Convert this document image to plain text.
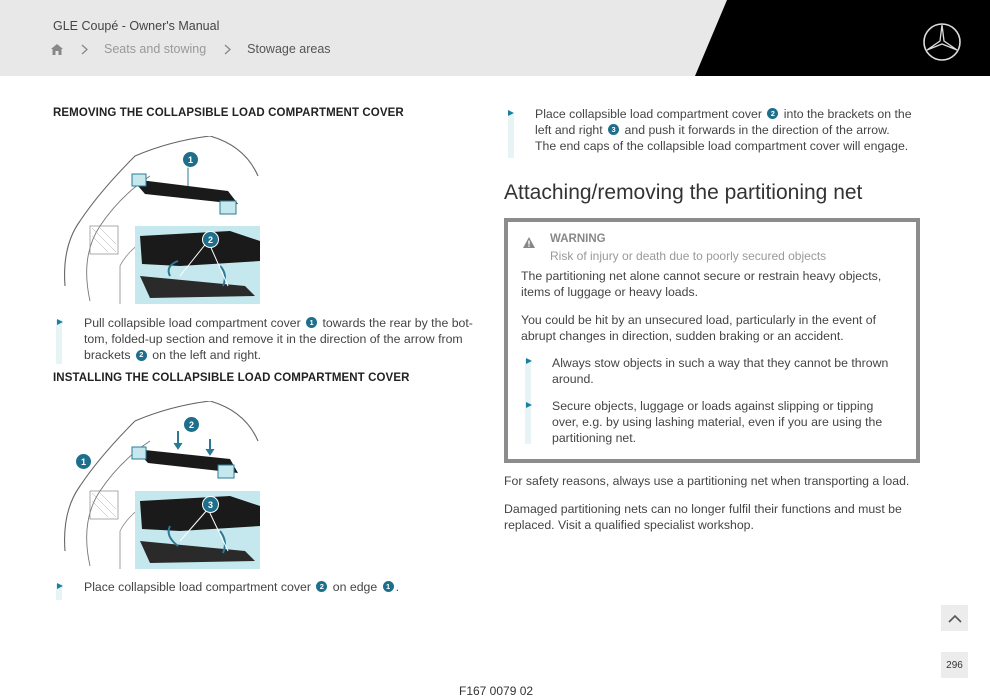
GLE Coupé - Owner's Manual
Seats and stowing	Stowage areas
REMOVING THE COLLAPSIBLE LOAD COMPARTMENT COVER
1
2
Pull collapsible load compartment cover 1 towards the rear by the bot-
tom, folded-up section and remove it in the direction of the arrow from
brackets 2 on the left and right.
INSTALLING THE COLLAPSIBLE LOAD COMPARTMENT COVER
1
2
3
Place collapsible load compartment cover 2 on edge 1 .
Place collapsible load compartment cover 2 into the brackets on the
left and right 3 and push it forwards in the direction of the arrow.
The end caps of the collapsible load compartment cover will engage.
Attaching/removing the partitioning net
WARNING
Risk of injury or death due to poorly secured objects
The partitioning net alone cannot secure or restrain heavy objects,
items of luggage or heavy loads.
You could be hit by an unsecured load, particularly in the event of
abrupt changes in direction, sudden braking or an accident.
Always stow objects in such a way that they cannot be thrown
around.
Secure objects, luggage or loads against slipping or tipping
over, e.g. by using lashing material, even if you are using the
partitioning net.
For safety reasons, always use a partitioning net when transporting a load.
Damaged partitioning nets can no longer fulfil their functions and must be
replaced. Visit a qualified specialist workshop.
296
F167 0079 02
